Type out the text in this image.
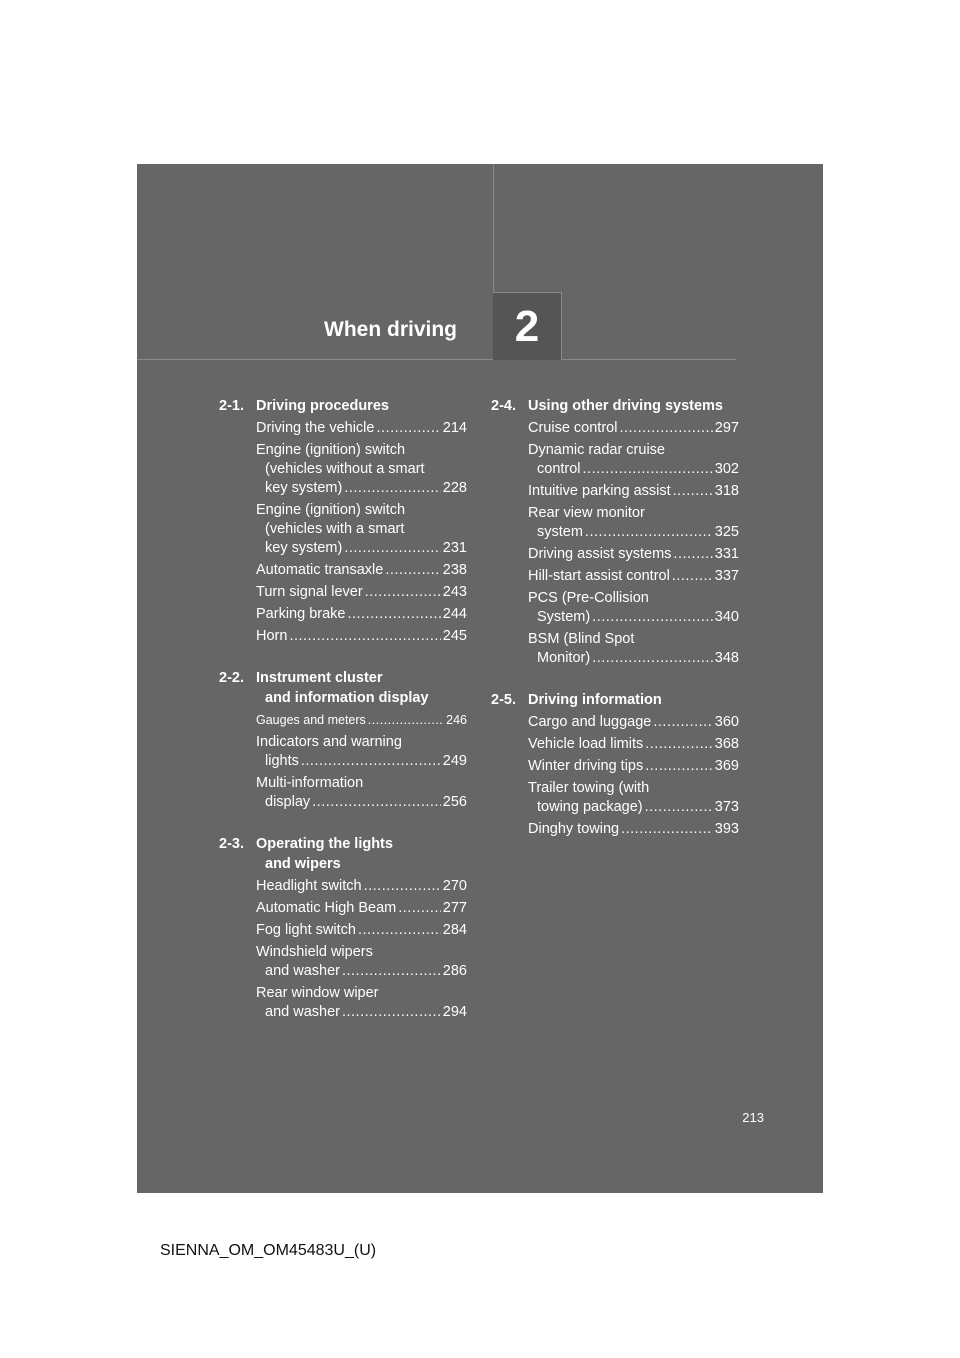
When driving 2
2-1. Driving procedures
Driving the vehicle .....	214
Engine (ignition) switch
(vehicles without a smart
key system) .....	228
Engine (ignition) switch
(vehicles with a smart
key system) .....	231
Automatic transaxle .....	238
Turn signal lever .....	243
Parking brake .....	244
Horn .....	245
2-2. Instrument cluster
and information display
Gauges and meters .....	246
Indicators and warning
lights .....	249
Multi-information
display .....	256
2-3. Operating the lights
and wipers
Headlight switch .....	270
Automatic High Beam .....	277
Fog light switch .....	284
Windshield wipers
and washer .....	286
Rear window wiper
and washer .....	294
2-4. Using other driving systems
Cruise control .....	297
Dynamic radar cruise
control .....	302
Intuitive parking assist .....	318
Rear view monitor
system .....	325
Driving assist systems .....	331
Hill-start assist control .....	337
PCS (Pre-Collision
System) .....	340
BSM (Blind Spot
Monitor) .....	348
2-5. Driving information
Cargo and luggage .....	360
Vehicle load limits .....	368
Winter driving tips .....	369
Trailer towing (with
towing package) .....	373
Dinghy towing .....	393
213
SIENNA_OM_OM45483U_(U)
